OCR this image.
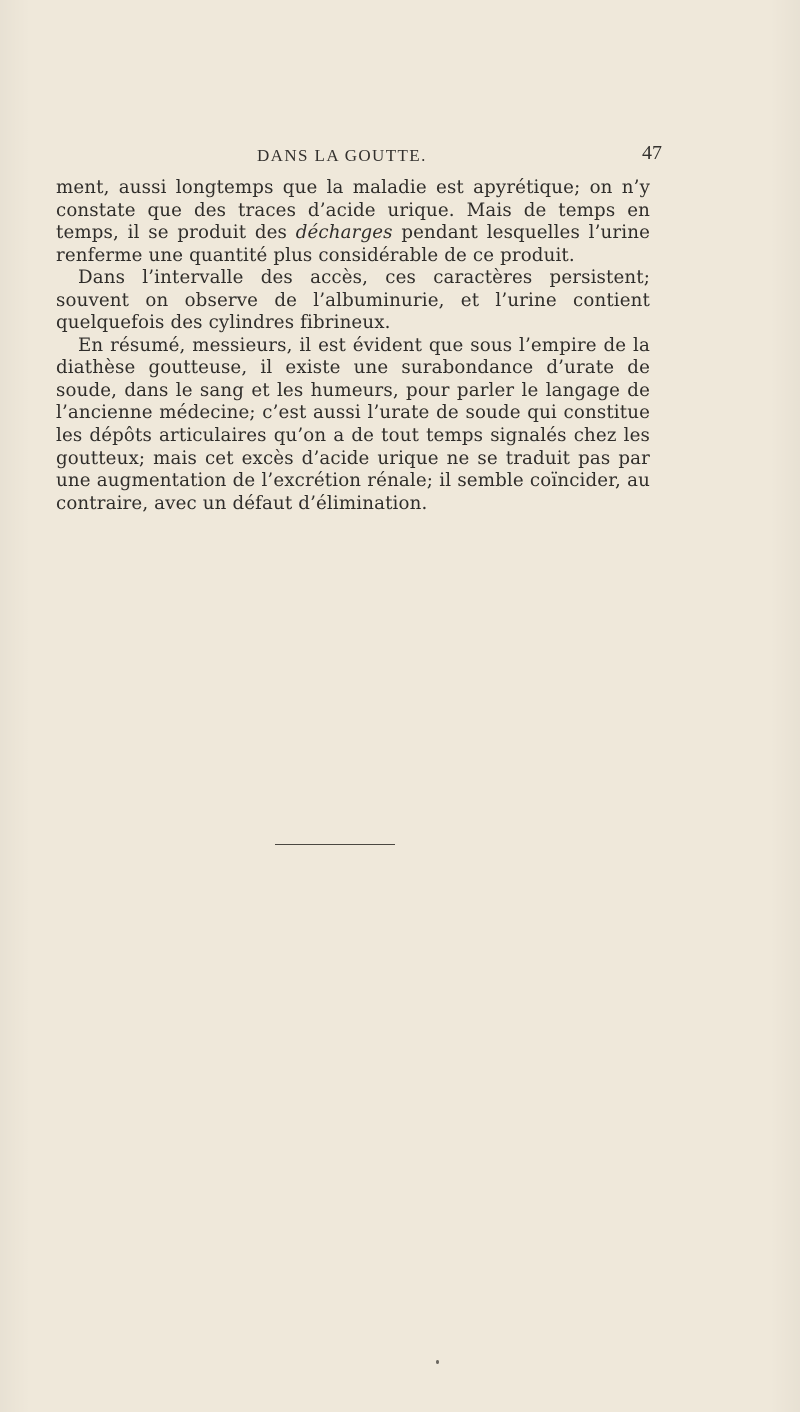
DANS LA GOUTTE.	47

ment, aussi longtemps que la maladie est apyrétique; on n’y constate que des traces d’acide urique. Mais de temps en temps, il se produit des décharges pendant lesquelles l’urine renferme une quantité plus considérable de ce produit.

Dans l’intervalle des accès, ces caractères persistent; souvent on observe de l’albuminurie, et l’urine contient quelquefois des cylindres fibrineux.

En résumé, messieurs, il est évident que sous l’empire de la diathèse goutteuse, il existe une surabondance d’urate de soude, dans le sang et les humeurs, pour parler le langage de l’ancienne médecine; c’est aussi l’urate de soude qui constitue les dépôts articulaires qu’on a de tout temps signalés chez les goutteux; mais cet excès d’acide urique ne se traduit pas par une augmentation de l’excrétion rénale; il semble coïncider, au contraire, avec un défaut d’élimination.
